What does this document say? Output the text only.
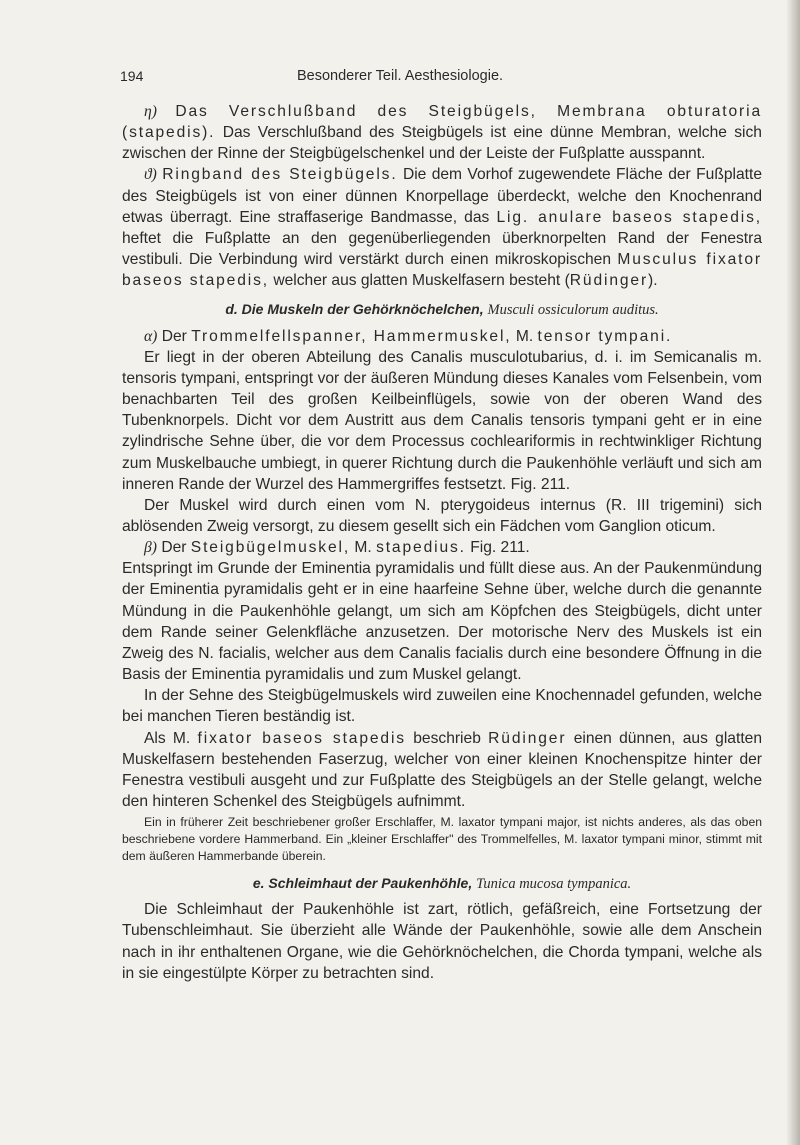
194	Besonderer Teil. Aesthesiologie.

η) Das Verschlußband des Steigbügels, Membrana obturatoria (stapedis). Das Verschlußband des Steigbügels ist eine dünne Membran, welche sich zwischen der Rinne der Steigbügelschenkel und der Leiste der Fußplatte ausspannt.

ϑ) Ringband des Steigbügels. Die dem Vorhof zugewendete Fläche der Fußplatte des Steigbügels ist von einer dünnen Knorpellage überdeckt, welche den Knochenrand etwas überragt. Eine straffaserige Bandmasse, das Lig. anulare baseos stapedis, heftet die Fußplatte an den gegenüberliegenden überknorpelten Rand der Fenestra vestibuli. Die Verbindung wird verstärkt durch einen mikroskopischen Musculus fixator baseos stapedis, welcher aus glatten Muskelfasern besteht (Rüdinger).

d. Die Muskeln der Gehörknöchelchen, Musculi ossiculorum auditus.

α) Der Trommelfellspanner, Hammermuskel, M. tensor tympani.

Er liegt in der oberen Abteilung des Canalis musculotubarius, d. i. im Semicanalis m. tensoris tympani, entspringt vor der äußeren Mündung dieses Kanales vom Felsenbein, vom benachbarten Teil des großen Keilbeinflügels, sowie von der oberen Wand des Tubenknorpels. Dicht vor dem Austritt aus dem Canalis tensoris tympani geht er in eine zylindrische Sehne über, die vor dem Processus cochleariformis in rechtwinkliger Richtung zum Muskelbauche umbiegt, in querer Richtung durch die Paukenhöhle verläuft und sich am inneren Rande der Wurzel des Hammergriffes festsetzt. Fig. 211.

Der Muskel wird durch einen vom N. pterygoideus internus (R. III trigemini) sich ablösenden Zweig versorgt, zu diesem gesellt sich ein Fädchen vom Ganglion oticum.

β) Der Steigbügelmuskel, M. stapedius. Fig. 211.

Entspringt im Grunde der Eminentia pyramidalis und füllt diese aus. An der Paukenmündung der Eminentia pyramidalis geht er in eine haarfeine Sehne über, welche durch die genannte Mündung in die Paukenhöhle gelangt, um sich am Köpfchen des Steigbügels, dicht unter dem Rande seiner Gelenkfläche anzusetzen. Der motorische Nerv des Muskels ist ein Zweig des N. facialis, welcher aus dem Canalis facialis durch eine besondere Öffnung in die Basis der Eminentia pyramidalis und zum Muskel gelangt.

In der Sehne des Steigbügelmuskels wird zuweilen eine Knochennadel gefunden, welche bei manchen Tieren beständig ist.

Als M. fixator baseos stapedis beschrieb Rüdinger einen dünnen, aus glatten Muskelfasern bestehenden Faserzug, welcher von einer kleinen Knochenspitze hinter der Fenestra vestibuli ausgeht und zur Fußplatte des Steigbügels an der Stelle gelangt, welche den hinteren Schenkel des Steigbügels aufnimmt.

Ein in früherer Zeit beschriebener großer Erschlaffer, M. laxator tympani major, ist nichts anderes, als das oben beschriebene vordere Hammerband. Ein „kleiner Erschlaffer" des Trommelfelles, M. laxator tympani minor, stimmt mit dem äußeren Hammerbande überein.

e. Schleimhaut der Paukenhöhle, Tunica mucosa tympanica.

Die Schleimhaut der Paukenhöhle ist zart, rötlich, gefäßreich, eine Fortsetzung der Tubenschleimhaut. Sie überzieht alle Wände der Paukenhöhle, sowie alle dem Anschein nach in ihr enthaltenen Organe, wie die Gehörknöchelchen, die Chorda tympani, welche als in sie eingestülpte Körper zu betrachten sind.
